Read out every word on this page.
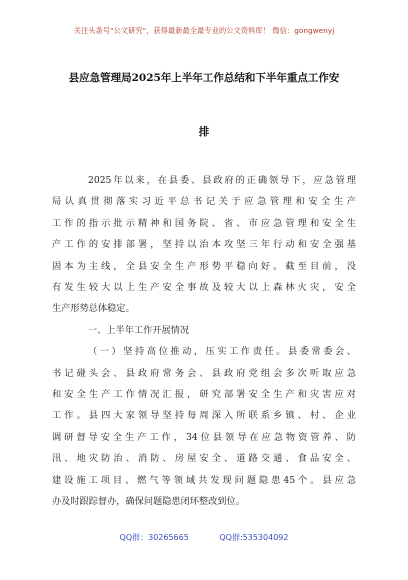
关注头条号"公文研究"，获得最新最全最专业的公文资料库！ 微信：gongwenyj
县应急管理局2025年上半年工作总结和下半年重点工作安
排
2025年以来，在县委、县政府的正确领导下，应急管理
局认真贯彻落实习近平总书记关于应急管理和安全生产
工作的指示批示精神和国务院、省、市应急管理和安全生
产工作的安排部署，坚持以治本攻坚三年行动和安全强基
固本为主线，全县安全生产形势平稳向好。截至目前，没
有发生较大以上生产安全事故及较大以上森林火灾，安全
生产形势总体稳定。
一、上半年工作开展情况
（一）坚持高位推动，压实工作责任。县委常委会、
书记碰头会、县政府常务会、县政府党组会多次听取应急
和安全生产工作情况汇报，研究部署安全生产和灾害应对
工作。县四大家领导坚持每周深入所联系乡镇、村、企业
调研督导安全生产工作，34位县领导在应急物资管养、防
汛、地灾防治、消防、房屋安全、道路交通、食品安全、
建设施工项目、燃气等领域共发现问题隐患45个。县应急
办及时跟踪督办，确保问题隐患闭环整改到位。
QQ群：30265665	QQ群:535304092
